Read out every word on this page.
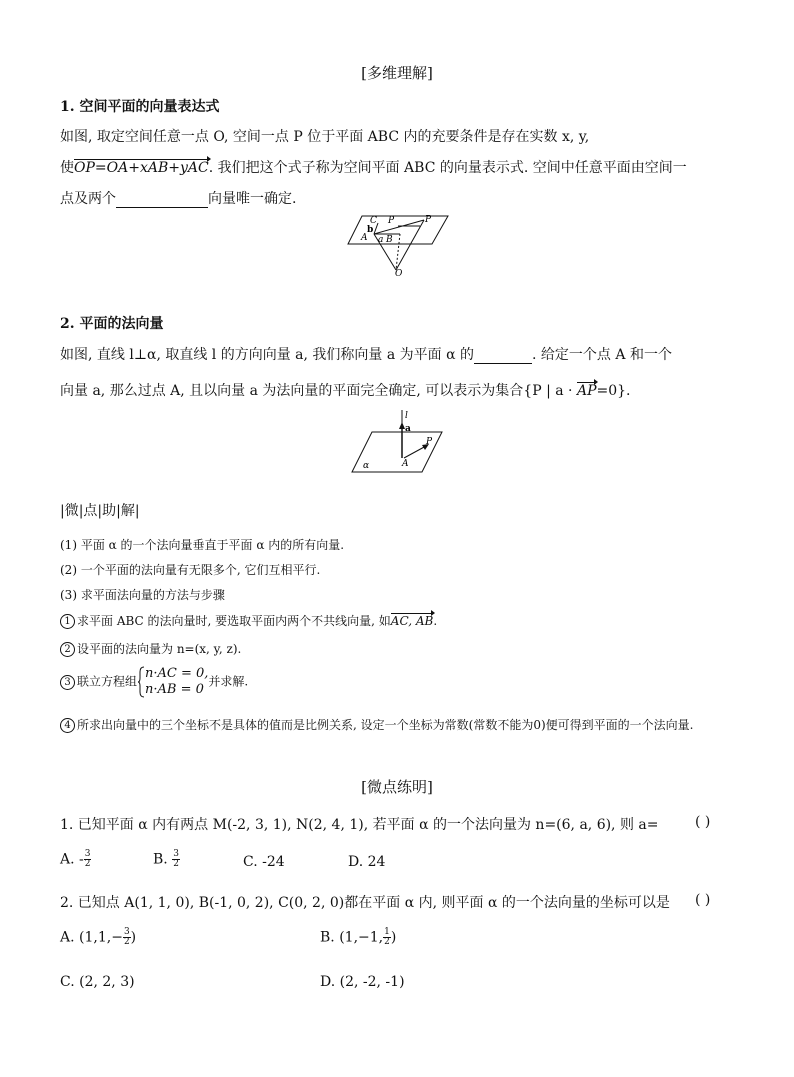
[多维理解]
1. 空间平面的向量表达式
如图, 取定空间任意一点 O, 空间一点 P 位于平面 ABC 内的充要条件是存在实数 x, y,
使OP=OA+xAB+yAC. 我们把这个式子称为空间平面 ABC 的向量表示式. 空间中任意平面由空间一
点及两个	向量唯一确定.
C P	P
b
A a B
O
2. 平面的法向量
如图, 直线 l⊥α, 取直线 l 的方向向量 a, 我们称向量 a 为平面 α 的	. 给定一个点 A 和一个
向量 a, 那么过点 A, 且以向量 a 为法向量的平面完全确定, 可以表示为集合{P | a · AP=0}.
l
a
P
A
α
|微|点|助|解|
(1) 平面 α 的一个法向量垂直于平面 α 内的所有向量.
(2) 一个平面的法向量有无限多个, 它们互相平行.
(3) 求平面法向量的方法与步骤
1 求平面 ABC 的法向量时, 要选取平面内两个不共线向量, 如AC, AB.
2 设平面的法向量为 n=(x, y, z).
3 联立方程组
n·AC = 0,
n·AB = 0
并求解.
4 所求出向量中的三个坐标不是具体的值而是比例关系, 设定一个坐标为常数(常数不能为0)便可得到平面的一个法向量.
[微点练明]
1. 已知平面 α 内有两点 M(-2, 3, 1), N(2, 4, 1), 若平面 α 的一个法向量为 n=(6, a, 6), 则 a=	( )
A. - $\frac{3}{2}$	B. $\frac{3}{2}$	C. -24	D. 24
2. 已知点 A(1, 1, 0), B(-1, 0, 2), C(0, 2, 0)都在平面 α 内, 则平面 α 的一个法向量的坐标可以是 ( )
A. ($1,1,- \frac{3}{2}$ )	B. (1,−1, $\frac{1}{2}$ )
C. (2, 2, 3)	D. (2, -2, -1)
